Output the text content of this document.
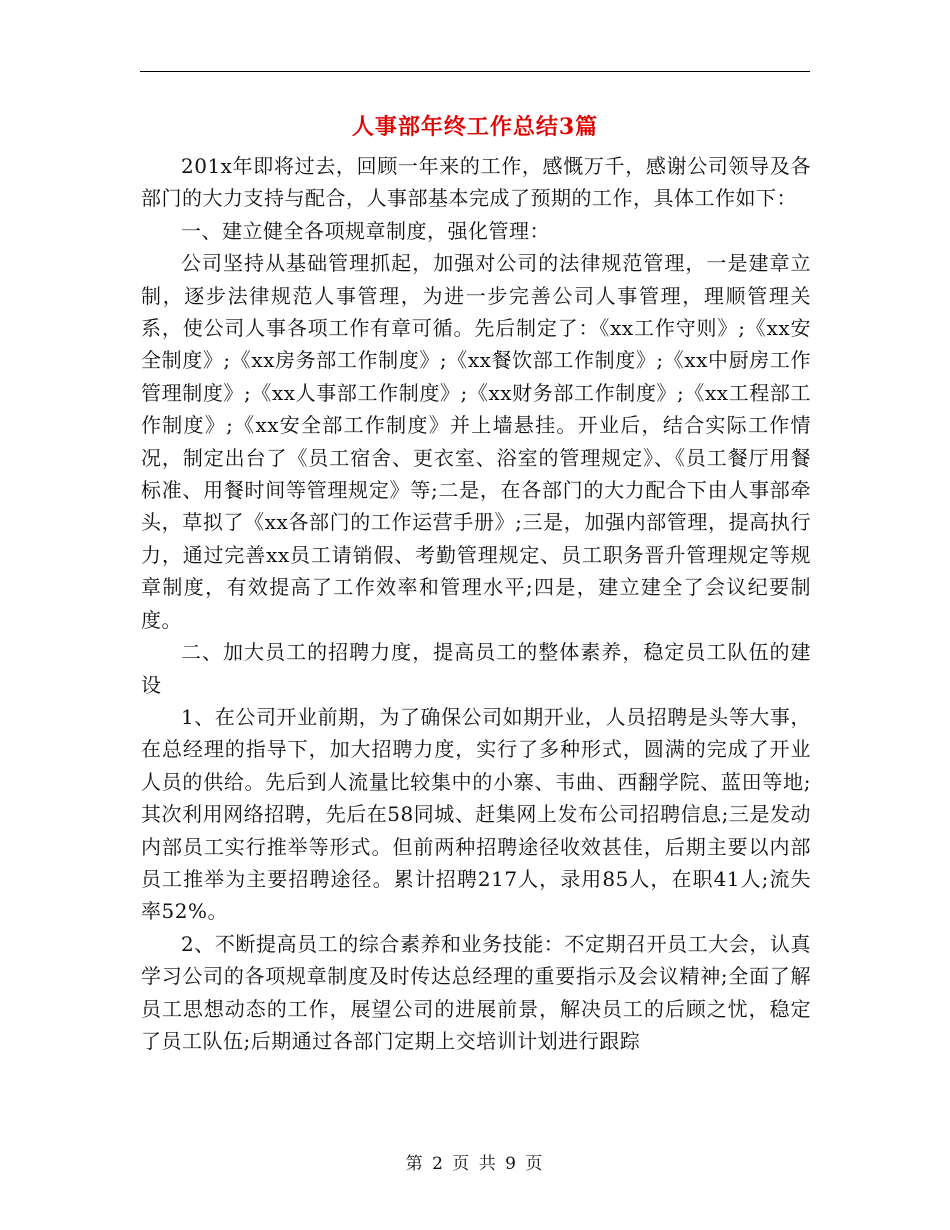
人事部年终工作总结3篇

201x年即将过去，回顾一年来的工作，感慨万千，感谢公司领导及各部门的大力支持与配合，人事部基本完成了预期的工作，具体工作如下：

一、建立健全各项规章制度，强化管理：

公司坚持从基础管理抓起，加强对公司的法律规范管理，一是建章立制，逐步法律规范人事管理，为进一步完善公司人事管理，理顺管理关系，使公司人事各项工作有章可循。先后制定了：《xx工作守则》;《xx安全制度》;《xx房务部工作制度》;《xx餐饮部工作制度》;《xx中厨房工作管理制度》;《xx人事部工作制度》;《xx财务部工作制度》;《xx工程部工作制度》;《xx安全部工作制度》并上墙悬挂。开业后，结合实际工作情况，制定出台了《员工宿舍、更衣室、浴室的管理规定》、《员工餐厅用餐标准、用餐时间等管理规定》等;二是，在各部门的大力配合下由人事部牵头，草拟了《xx各部门的工作运营手册》;三是，加强内部管理，提高执行力，通过完善xx员工请销假、考勤管理规定、员工职务晋升管理规定等规章制度，有效提高了工作效率和管理水平;四是，建立建全了会议纪要制度。

二、加大员工的招聘力度，提高员工的整体素养，稳定员工队伍的建设

1、在公司开业前期，为了确保公司如期开业，人员招聘是头等大事，在总经理的指导下，加大招聘力度，实行了多种形式，圆满的完成了开业人员的供给。先后到人流量比较集中的小寨、韦曲、西翻学院、蓝田等地;其次利用网络招聘，先后在58同城、赶集网上发布公司招聘信息;三是发动内部员工实行推举等形式。但前两种招聘途径收效甚佳，后期主要以内部员工推举为主要招聘途径。累计招聘217人，录用85人，在职41人;流失率52%。

2、不断提高员工的综合素养和业务技能：不定期召开员工大会，认真学习公司的各项规章制度及时传达总经理的重要指示及会议精神;全面了解员工思想动态的工作，展望公司的进展前景，解决员工的后顾之忧，稳定了员工队伍;后期通过各部门定期上交培训计划进行跟踪

第 2 页 共 9 页
